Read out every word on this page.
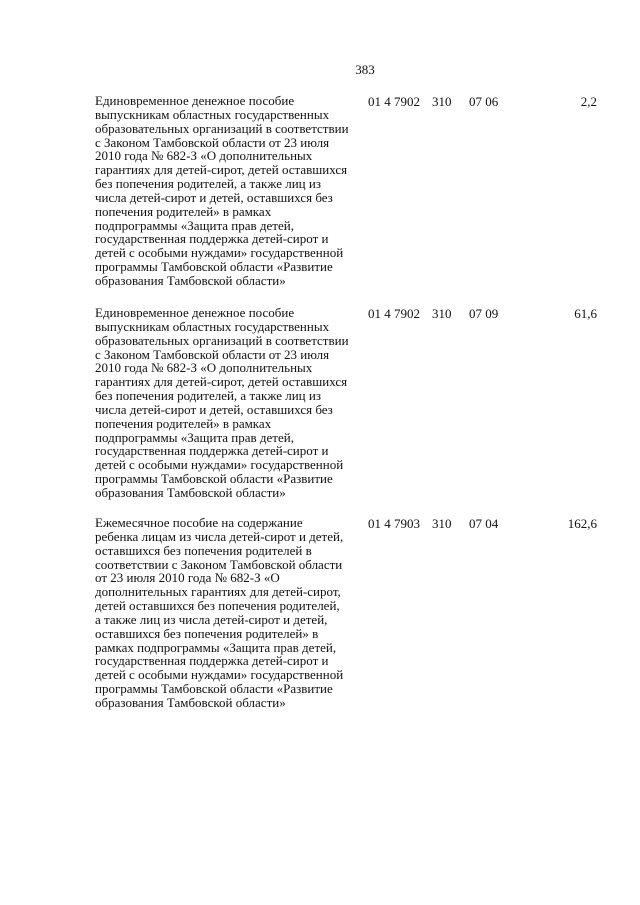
383
Единовременное денежное пособие
выпускникам областных государственных
образовательных организаций в соответствии
с Законом Тамбовской области от 23 июля
2010 года № 682-З «О дополнительных
гарантиях для детей-сирот, детей оставшихся
без попечения родителей, а также лиц из
числа детей-сирот и детей, оставшихся без
попечения родителей» в рамках
подпрограммы «Защита прав детей,
государственная поддержка детей-сирот и
детей с особыми нуждами» государственной
программы Тамбовской области «Развитие
образования Тамбовской области»
01 4 7902 310 07 06	2,2
Единовременное денежное пособие
выпускникам областных государственных
образовательных организаций в соответствии
с Законом Тамбовской области от 23 июля
2010 года № 682-З «О дополнительных
гарантиях для детей-сирот, детей оставшихся
без попечения родителей, а также лиц из
числа детей-сирот и детей, оставшихся без
попечения родителей» в рамках
подпрограммы «Защита прав детей,
государственная поддержка детей-сирот и
детей с особыми нуждами» государственной
программы Тамбовской области «Развитие
образования Тамбовской области»
01 4 7902 310 07 09	61,6
Ежемесячное пособие на содержание
ребенка лицам из числа детей-сирот и детей,
оставшихся без попечения родителей в
соответствии с Законом Тамбовской области
от 23 июля 2010 года № 682-З «О
дополнительных гарантиях для детей-сирот,
детей оставшихся без попечения родителей,
а также лиц из числа детей-сирот и детей,
оставшихся без попечения родителей» в
рамках подпрограммы «Защита прав детей,
государственная поддержка детей-сирот и
детей с особыми нуждами» государственной
программы Тамбовской области «Развитие
образования Тамбовской области»
01 4 7903 310 07 04	162,6
